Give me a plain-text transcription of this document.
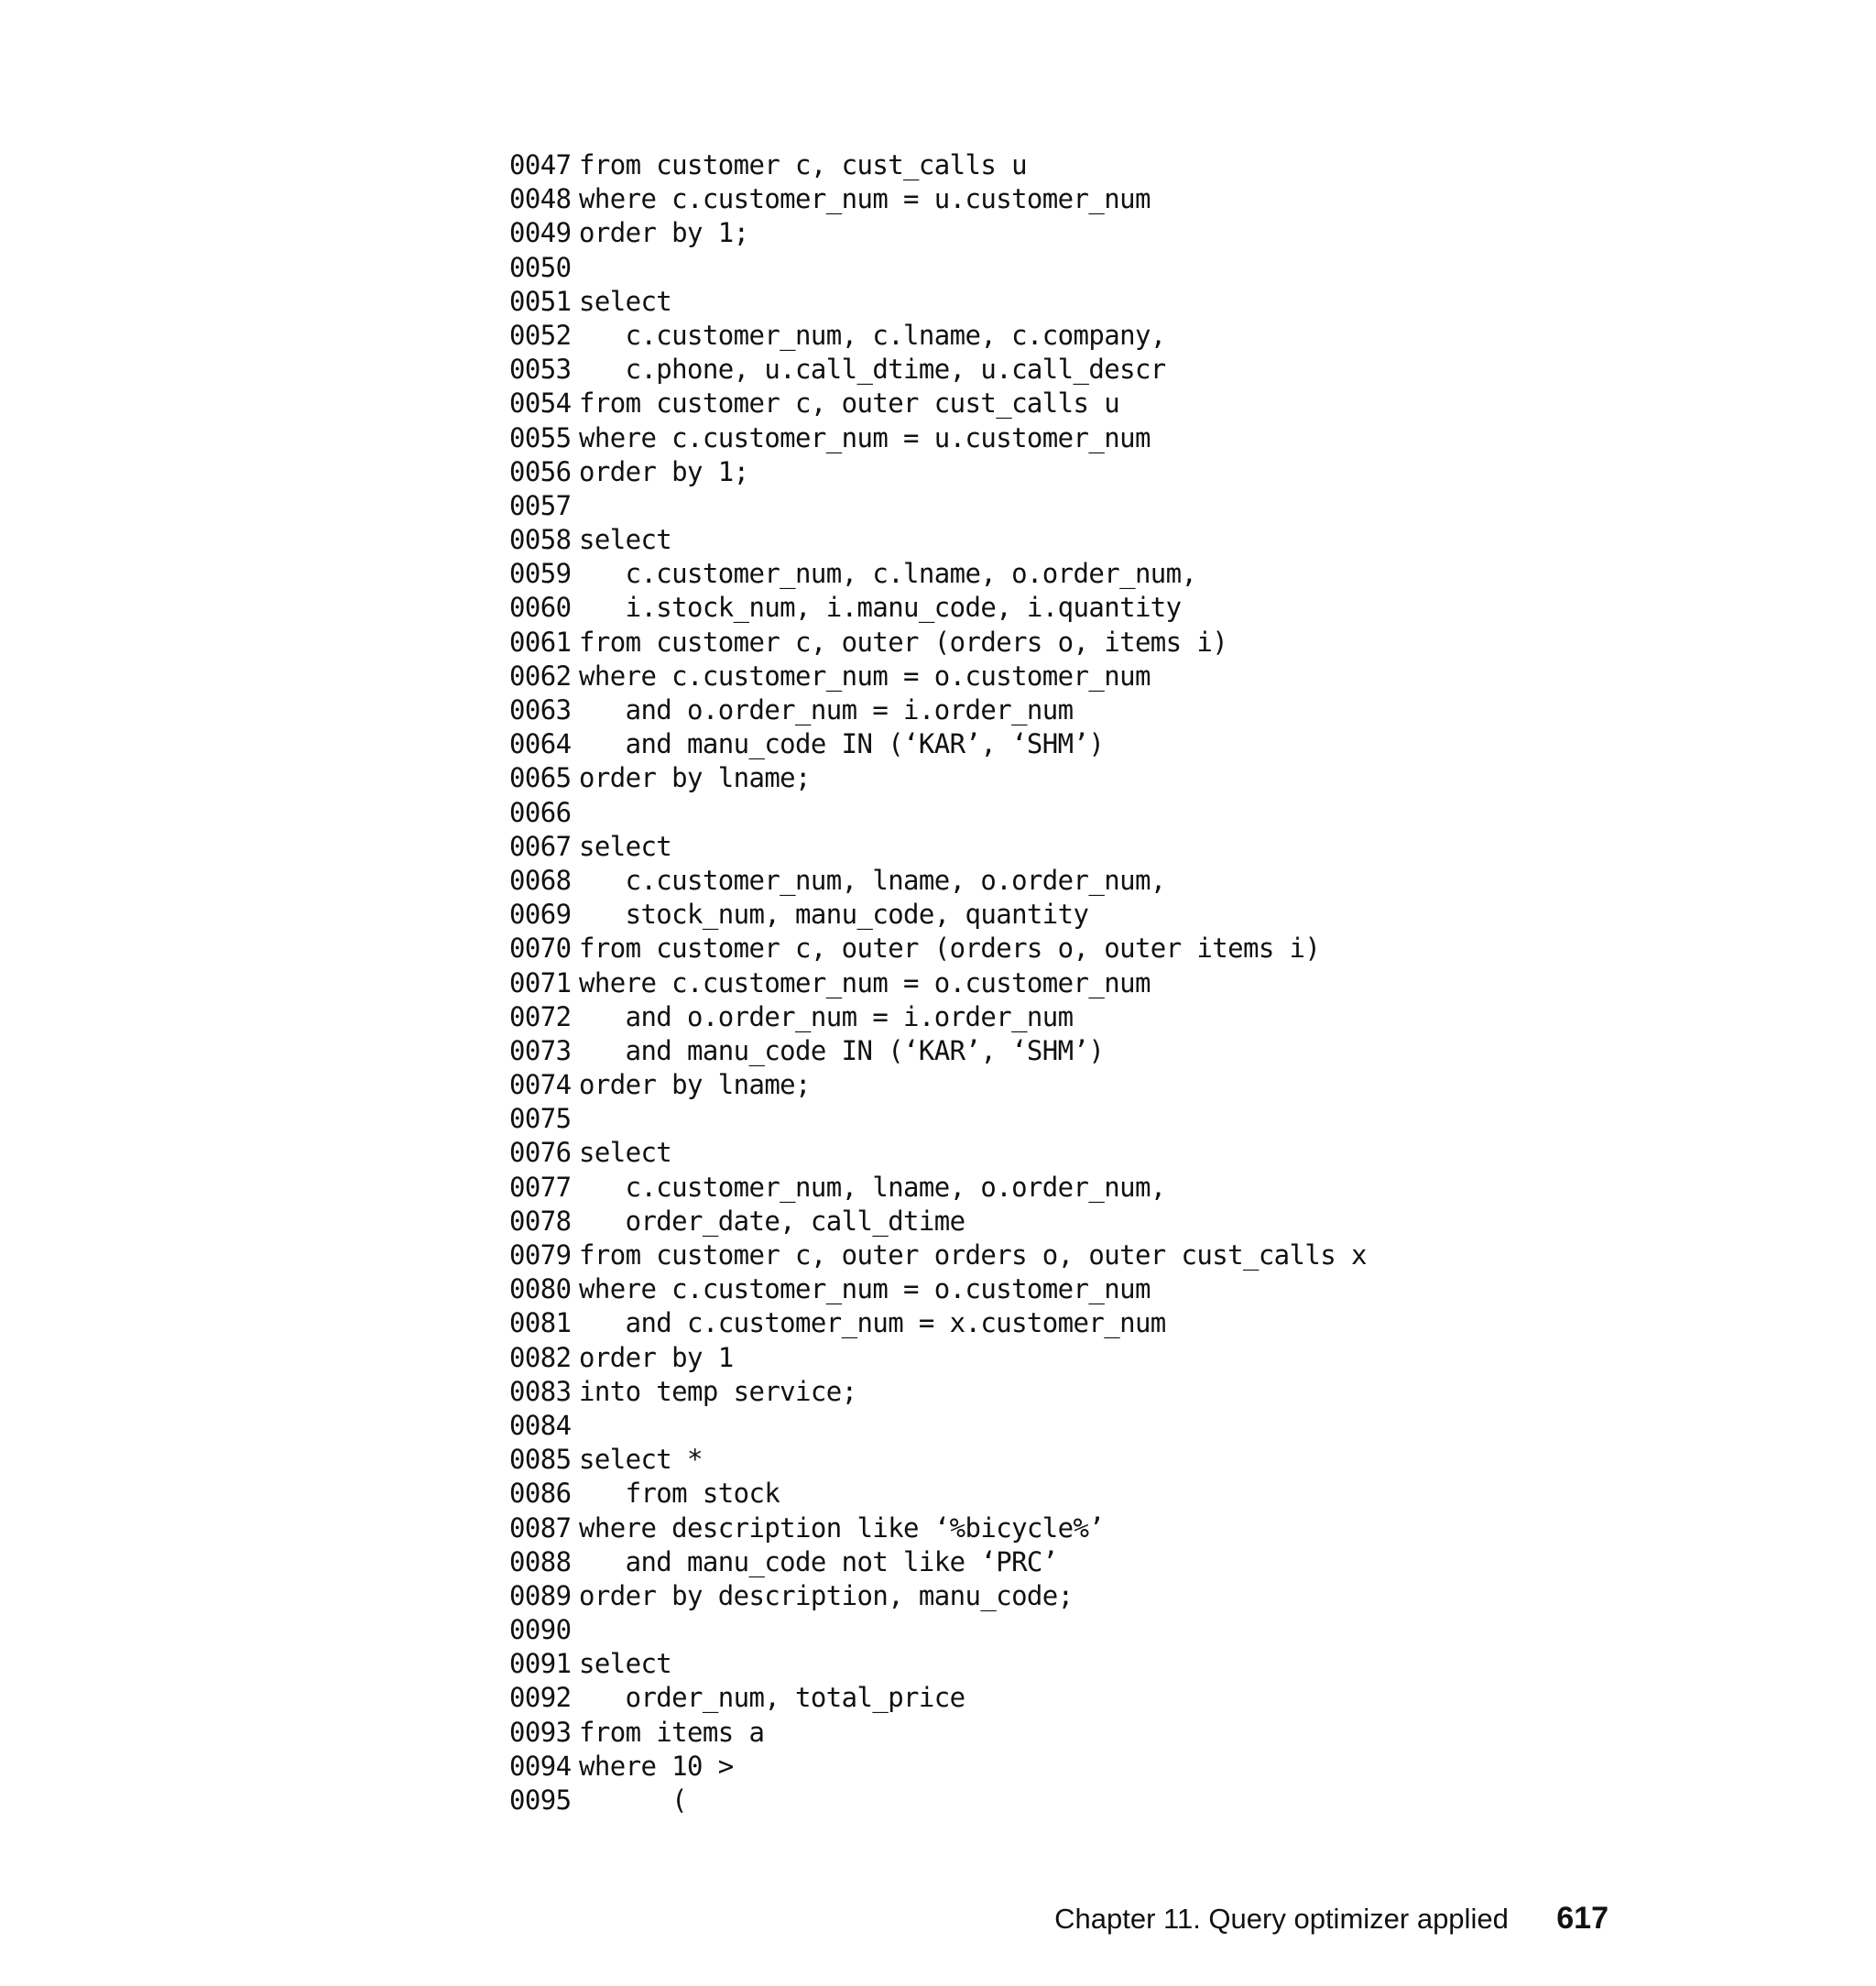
0047 from customer c, cust_calls u
0048 where c.customer_num = u.customer_num
0049 order by 1;
0050
0051 select
0052   c.customer_num, c.lname, c.company,
0053   c.phone, u.call_dtime, u.call_descr
0054 from customer c, outer cust_calls u
0055 where c.customer_num = u.customer_num
0056 order by 1;
0057
0058 select
0059   c.customer_num, c.lname, o.order_num,
0060   i.stock_num, i.manu_code, i.quantity
0061 from customer c, outer (orders o, items i)
0062 where c.customer_num = o.customer_num
0063   and o.order_num = i.order_num
0064   and manu_code IN (‘KAR’, ‘SHM’)
0065 order by lname;
0066
0067 select
0068   c.customer_num, lname, o.order_num,
0069   stock_num, manu_code, quantity
0070 from customer c, outer (orders o, outer items i)
0071 where c.customer_num = o.customer_num
0072   and o.order_num = i.order_num
0073   and manu_code IN (‘KAR’, ‘SHM’)
0074 order by lname;
0075
0076 select
0077   c.customer_num, lname, o.order_num,
0078   order_date, call_dtime
0079 from customer c, outer orders o, outer cust_calls x
0080 where c.customer_num = o.customer_num
0081   and c.customer_num = x.customer_num
0082 order by 1
0083 into temp service;
0084
0085 select *
0086   from stock
0087 where description like ‘%bicycle%’
0088   and manu_code not like ‘PRC’
0089 order by description, manu_code;
0090
0091 select
0092   order_num, total_price
0093 from items a
0094 where 10 >
0095      (
Chapter 11. Query optimizer applied 617
